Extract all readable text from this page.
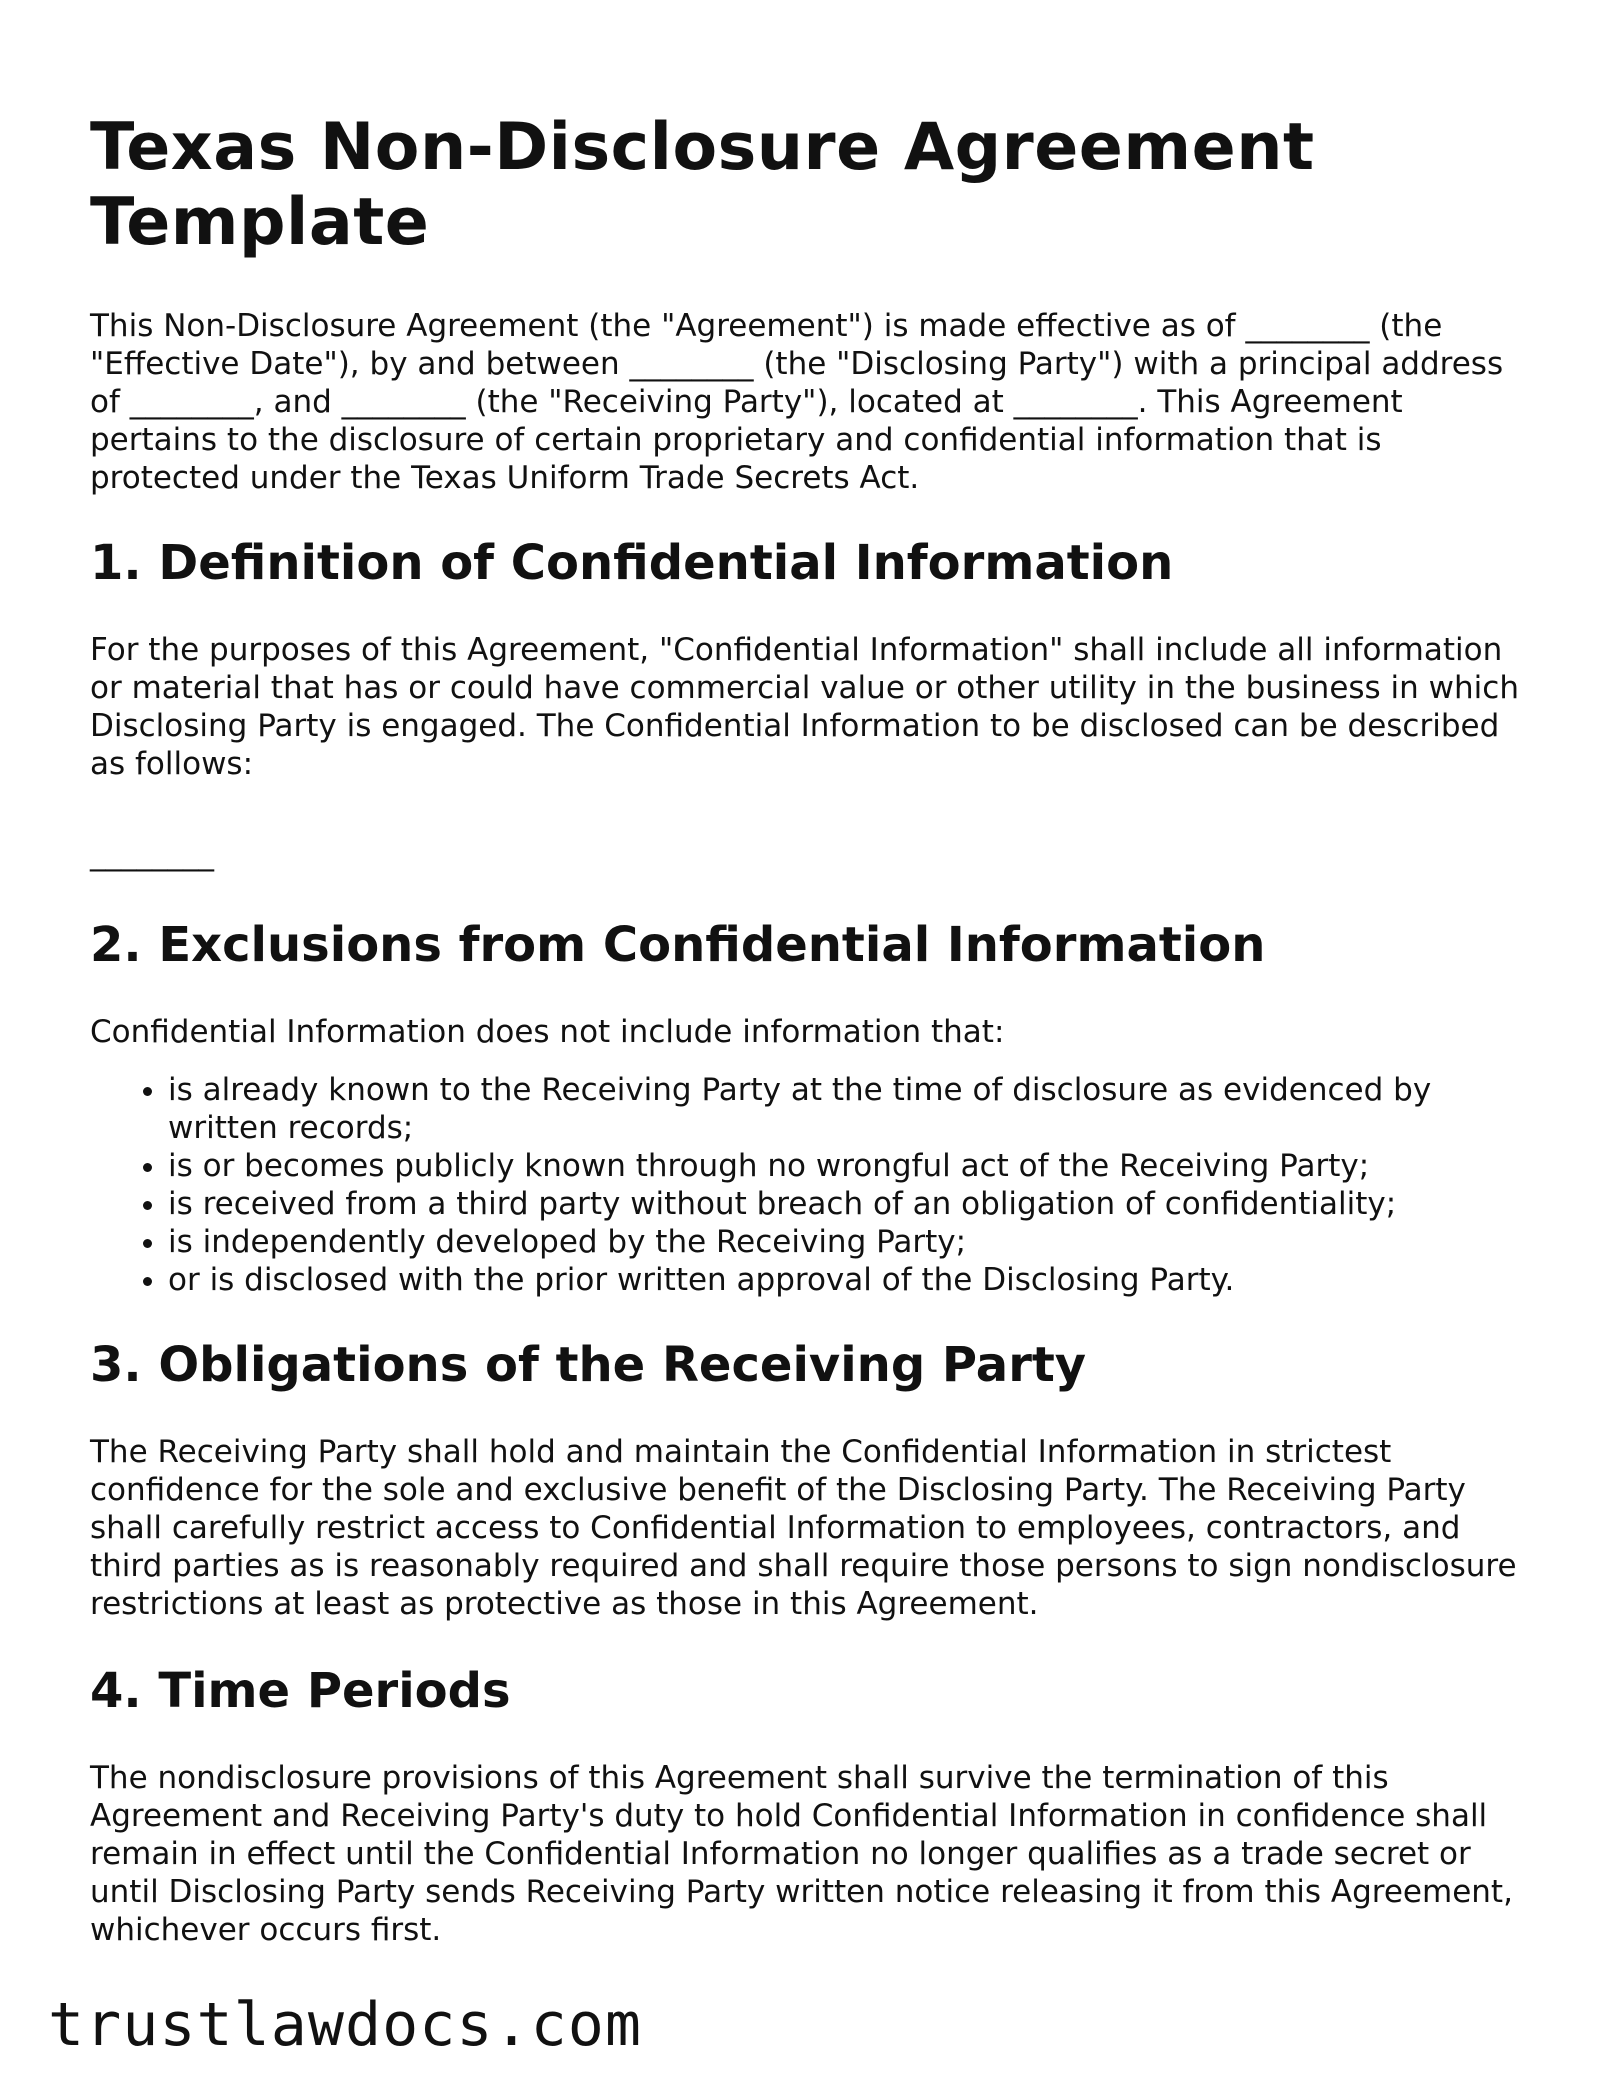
Texas Non-Disclosure Agreement Template

This Non-Disclosure Agreement (the "Agreement") is made effective as of ________ (the "Effective Date"), by and between ________ (the "Disclosing Party") with a principal address of ________, and ________ (the "Receiving Party"), located at ________. This Agreement pertains to the disclosure of certain proprietary and confidential information that is protected under the Texas Uniform Trade Secrets Act.

1. Definition of Confidential Information

For the purposes of this Agreement, "Confidential Information" shall include all information or material that has or could have commercial value or other utility in the business in which Disclosing Party is engaged. The Confidential Information to be disclosed can be described as follows:

________
2. Exclusions from Confidential Information

Confidential Information does not include information that:

• is already known to the Receiving Party at the time of disclosure as evidenced by written records;
• is or becomes publicly known through no wrongful act of the Receiving Party;
• is received from a third party without breach of an obligation of confidentiality;
• is independently developed by the Receiving Party;
• or is disclosed with the prior written approval of the Disclosing Party.
3. Obligations of the Receiving Party

The Receiving Party shall hold and maintain the Confidential Information in strictest confidence for the sole and exclusive benefit of the Disclosing Party. The Receiving Party shall carefully restrict access to Confidential Information to employees, contractors, and third parties as is reasonably required and shall require those persons to sign nondisclosure restrictions at least as protective as those in this Agreement.

4. Time Periods

The nondisclosure provisions of this Agreement shall survive the termination of this Agreement and Receiving Party's duty to hold Confidential Information in confidence shall remain in effect until the Confidential Information no longer qualifies as a trade secret or until Disclosing Party sends Receiving Party written notice releasing it from this Agreement, whichever occurs first.

trustlawdocs.com
